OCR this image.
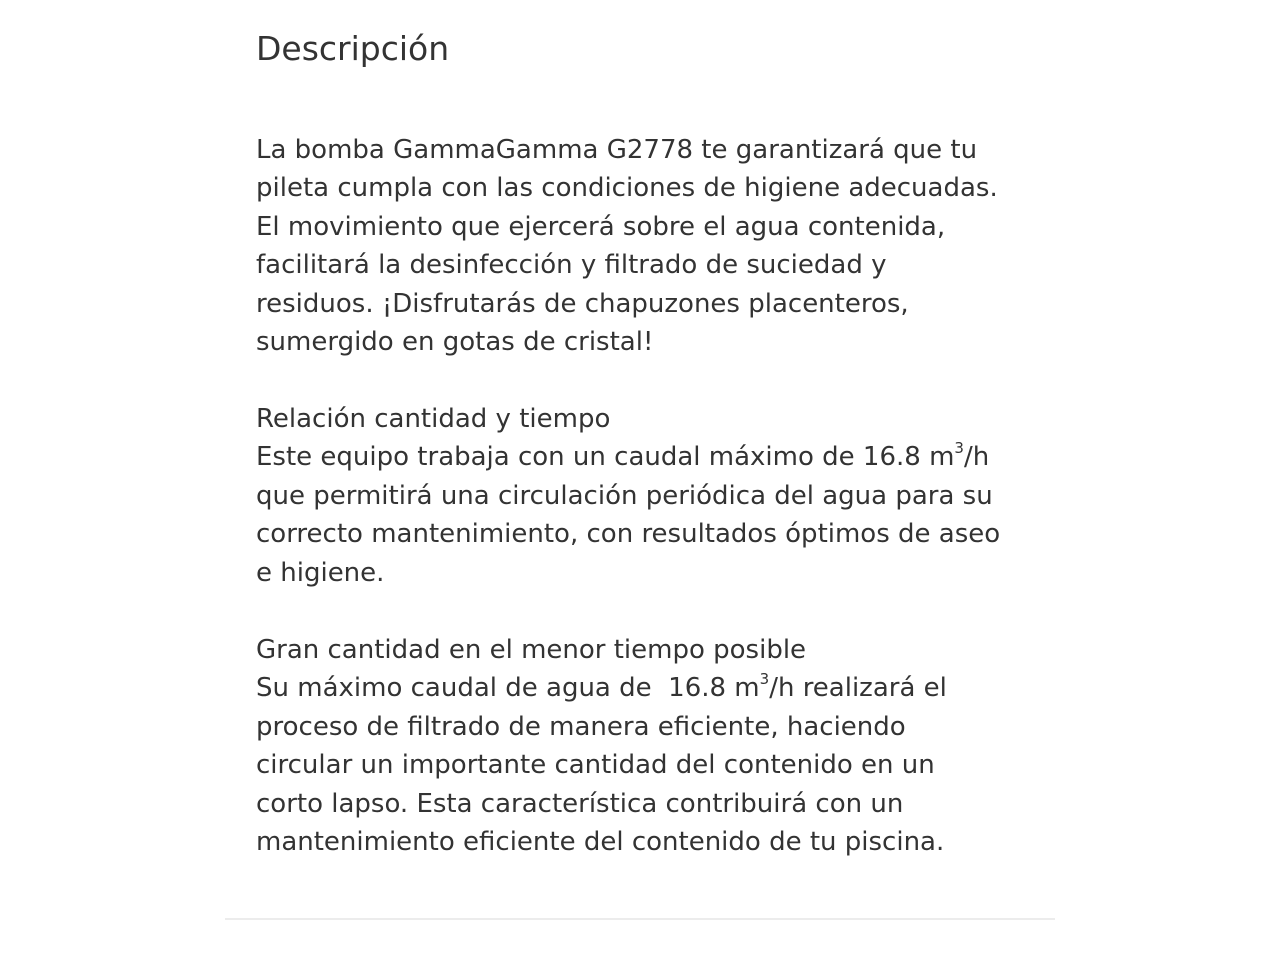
Descripción

La bomba GammaGamma G2778 te garantizará que tu
pileta cumpla con las condiciones de higiene adecuadas.
El movimiento que ejercerá sobre el agua contenida,
facilitará la desinfección y filtrado de suciedad y
residuos. ¡Disfrutarás de chapuzones placenteros,
sumergido en gotas de cristal!

Relación cantidad y tiempo
Este equipo trabaja con un caudal máximo de 16.8 $m^3/h$
que permitirá una circulación periódica del agua para su
correcto mantenimiento, con resultados óptimos de aseo
e higiene.

Gran cantidad en el menor tiempo posible
Su máximo caudal de agua de  16.8 $m^3/h$ realizará el
proceso de filtrado de manera eficiente, haciendo
circular un importante cantidad del contenido en un
corto lapso. Esta característica contribuirá con un
mantenimiento eficiente del contenido de tu piscina.
